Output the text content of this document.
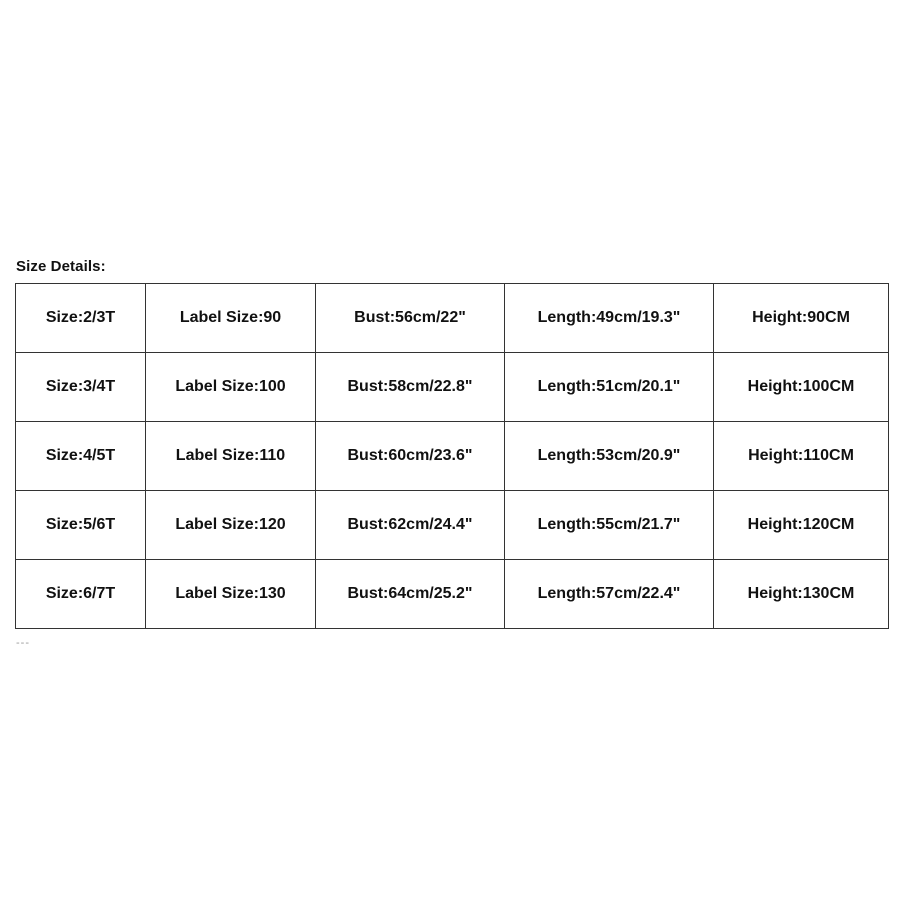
Size Details:
Size:2/3T	Label Size:90	Bust:56cm/22"	Length:49cm/19.3"	Height:90CM
Size:3/4T	Label Size:100	Bust:58cm/22.8"	Length:51cm/20.1"	Height:100CM
Size:4/5T	Label Size:110	Bust:60cm/23.6"	Length:53cm/20.9"	Height:110CM
Size:5/6T	Label Size:120	Bust:62cm/24.4"	Length:55cm/21.7"	Height:120CM
Size:6/7T	Label Size:130	Bust:64cm/25.2"	Length:57cm/22.4"	Height:130CM
---
